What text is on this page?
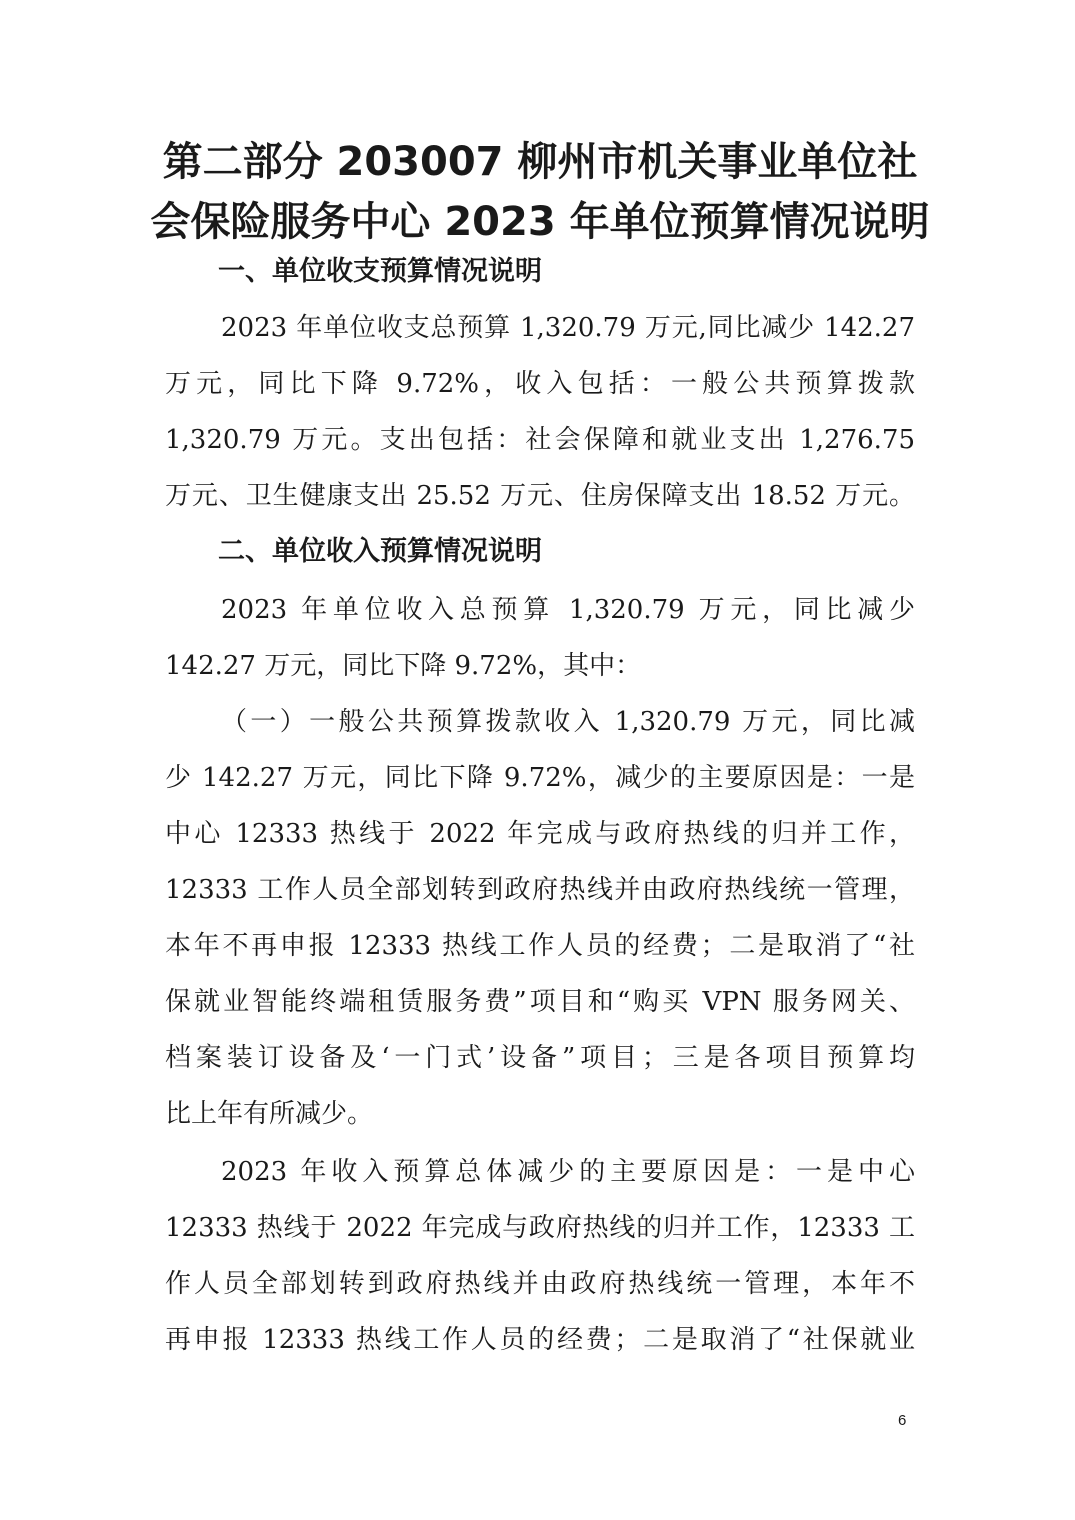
第二部分 203007 柳州市机关事业单位社
会保险服务中心 2023 年单位预算情况说明
一、单位收支预算情况说明
2023 年单位收支总预算 1,320.79 万元,同比减少 142.27
万元，同比下降 9.72%，收入包括：一般公共预算拨款
1,320.79 万元。支出包括：社会保障和就业支出 1,276.75
万元、卫生健康支出 25.52 万元、住房保障支出 18.52 万元。
二、单位收入预算情况说明
2023 年单位收入总预算 1,320.79 万元，同比减少
142.27 万元，同比下降 9.72%，其中：
（一）一般公共预算拨款收入 1,320.79 万元，同比减
少 142.27 万元，同比下降 9.72%，减少的主要原因是：一是
中心 12333 热线于 2022 年完成与政府热线的归并工作，
12333 工作人员全部划转到政府热线并由政府热线统一管理，
本年不再申报 12333 热线工作人员的经费；二是取消了“社
保就业智能终端租赁服务费”项目和“购买 VPN 服务网关、
档案装订设备及‘一门式’设备”项目；三是各项目预算均
比上年有所减少。
2023 年收入预算总体减少的主要原因是：一是中心
12333 热线于 2022 年完成与政府热线的归并工作，12333 工
作人员全部划转到政府热线并由政府热线统一管理，本年不
再申报 12333 热线工作人员的经费；二是取消了“社保就业
6
